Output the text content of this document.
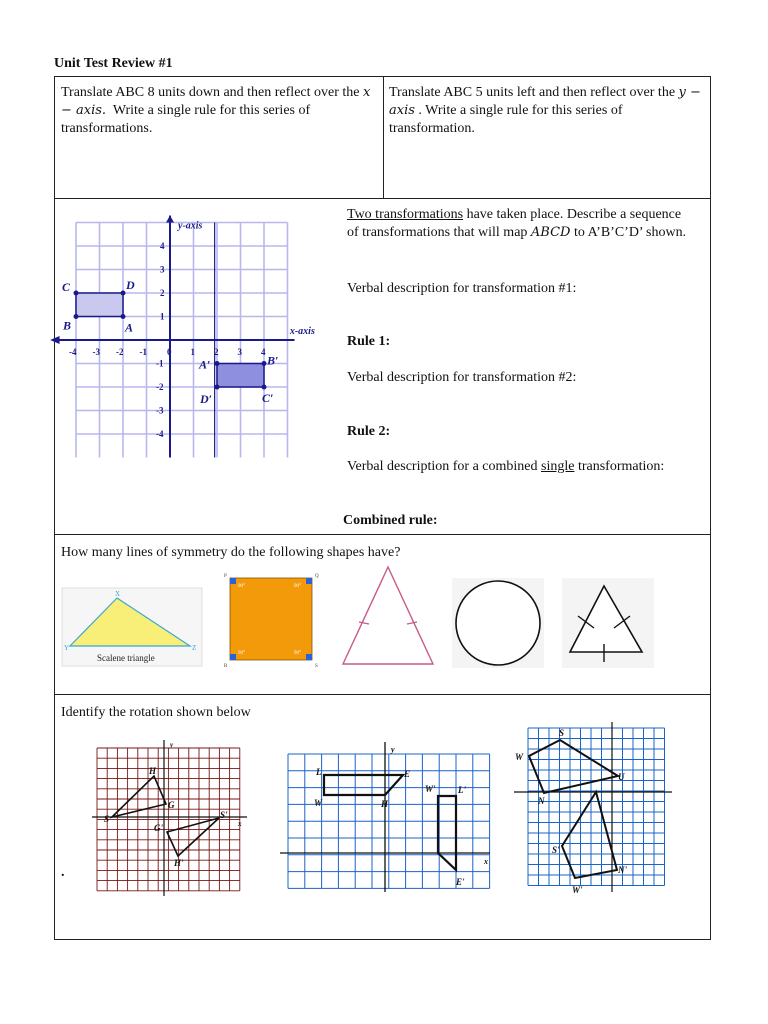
Unit Test Review #1
Translate ABC 8 units down and then reflect over the x − axis. Write a single rule for this series of transformations.
Translate ABC 5 units left and then reflect over the y − axis . Write a single rule for this series of transformation.
x-axis
y-axis
-4 -3 -2 -1 0 1 2 3 4
4
3
2
1
-1
-2
-3
-4
A
B
C	D
A′	B′
C′
D′
Two transformations have taken place. Describe a sequence of transformations that will map ABCD to A’B’C’D’ shown.
Verbal description for transformation #1:
Rule 1:
Verbal description for transformation #2:
Rule 2:
Verbal description for a combined single transformation:
Combined rule:
How many lines of symmetry do the following shapes have?
X
Y	Z
Scalene triangle
90°	90°
90°	90°
P	Q
R	S
Identify the rotation shown below
.
H
G
S
G'
S'
H'
y
x
L	E
W	H
W' L'
E'
y
x
S
W
U
N
S'
W'
N'
